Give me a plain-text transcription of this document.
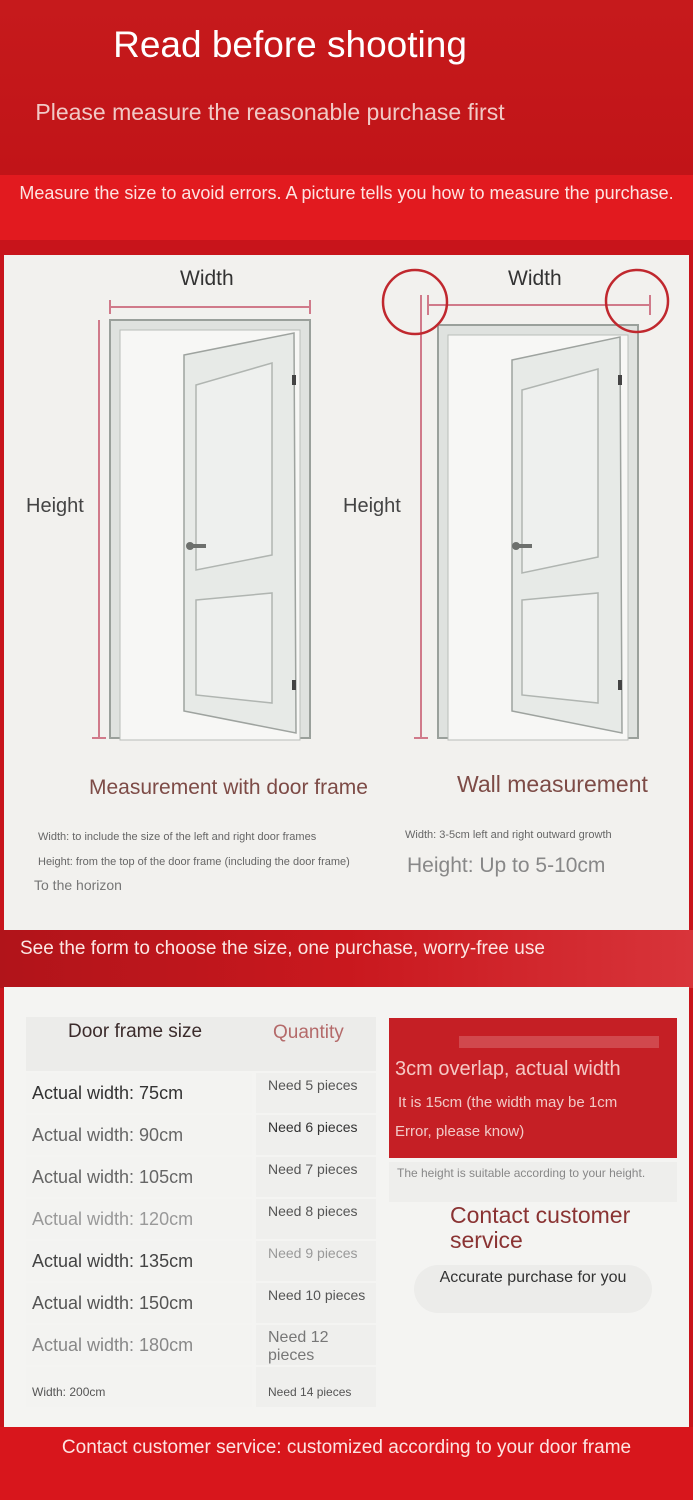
Read before shooting
Please measure the reasonable purchase first
Measure the size to avoid errors. A picture tells you how to measure the purchase.
Width
Height
Width
Height
Measurement with door frame	Wall measurement
Width: to include the size of the left and right door frames
Height: from the top of the door frame (including the door frame)
To the horizon
Width: 3-5cm left and right outward growth
Height: Up to 5-10cm
See the form to choose the size, one purchase, worry-free use
Door frame size	Quantity
Actual width: 75cm	Need 5 pieces
Actual width: 90cm	Need 6 pieces
Actual width: 105cm	Need 7 pieces
Actual width: 120cm	Need 8 pieces
Actual width: 135cm	Need 9 pieces
Actual width: 150cm	Need 10 pieces
Actual width: 180cm	Need 12 pieces
Width: 200cm	Need 14 pieces
Contact customer service
Accurate purchase for you
The height is suitable according to your height.
3cm overlap, actual width
It is 15cm (the width may be 1cm
Error, please know)
Contact customer service: customized according to your door frame
